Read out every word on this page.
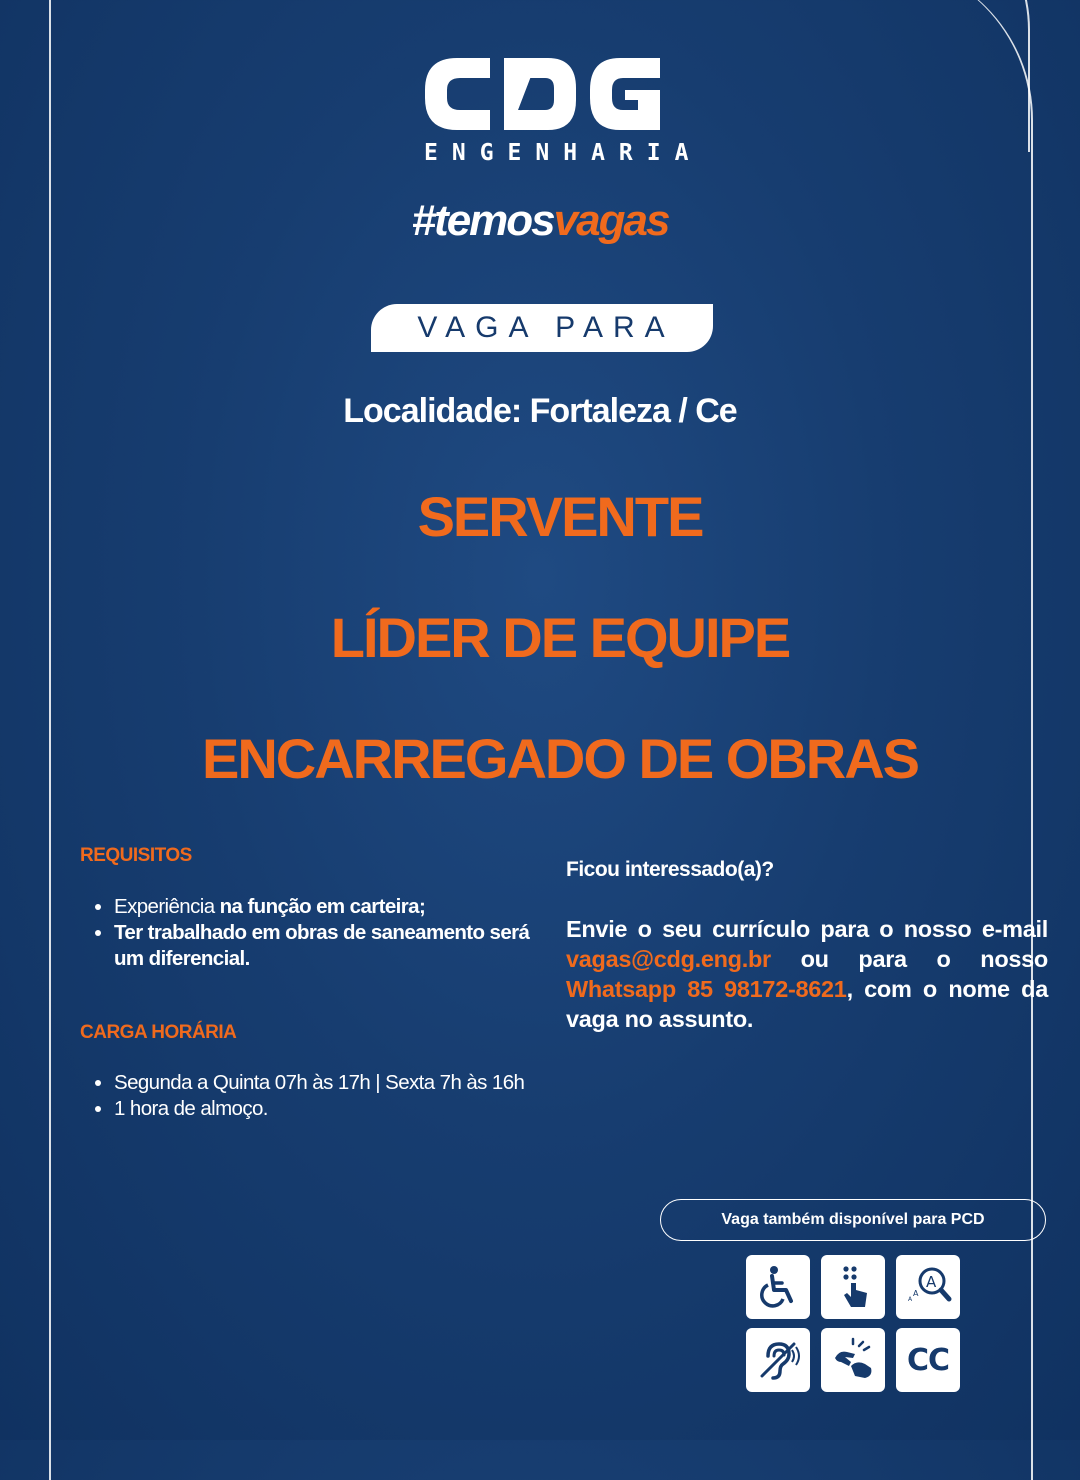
ENGENHARIA
#temosvagas
VAGA PARA
Localidade: Fortaleza / Ce
SERVENTE
LÍDER DE EQUIPE
ENCARREGADO DE OBRAS
REQUISITOS
• Experiência na função em carteira;
• Ter trabalhado em obras de saneamento será um diferencial.
CARGA HORÁRIA
• Segunda a Quinta 07h às 17h | Sexta 7h às 16h
• 1 hora de almoço.
Ficou interessado(a)?
Envie o seu currículo para o nosso e-mail vagas@cdg.eng.br ou para o nosso Whatsapp 85 98172-8621, com o nome da vaga no assunto.
Vaga também disponível para PCD
A
A
A
CC
